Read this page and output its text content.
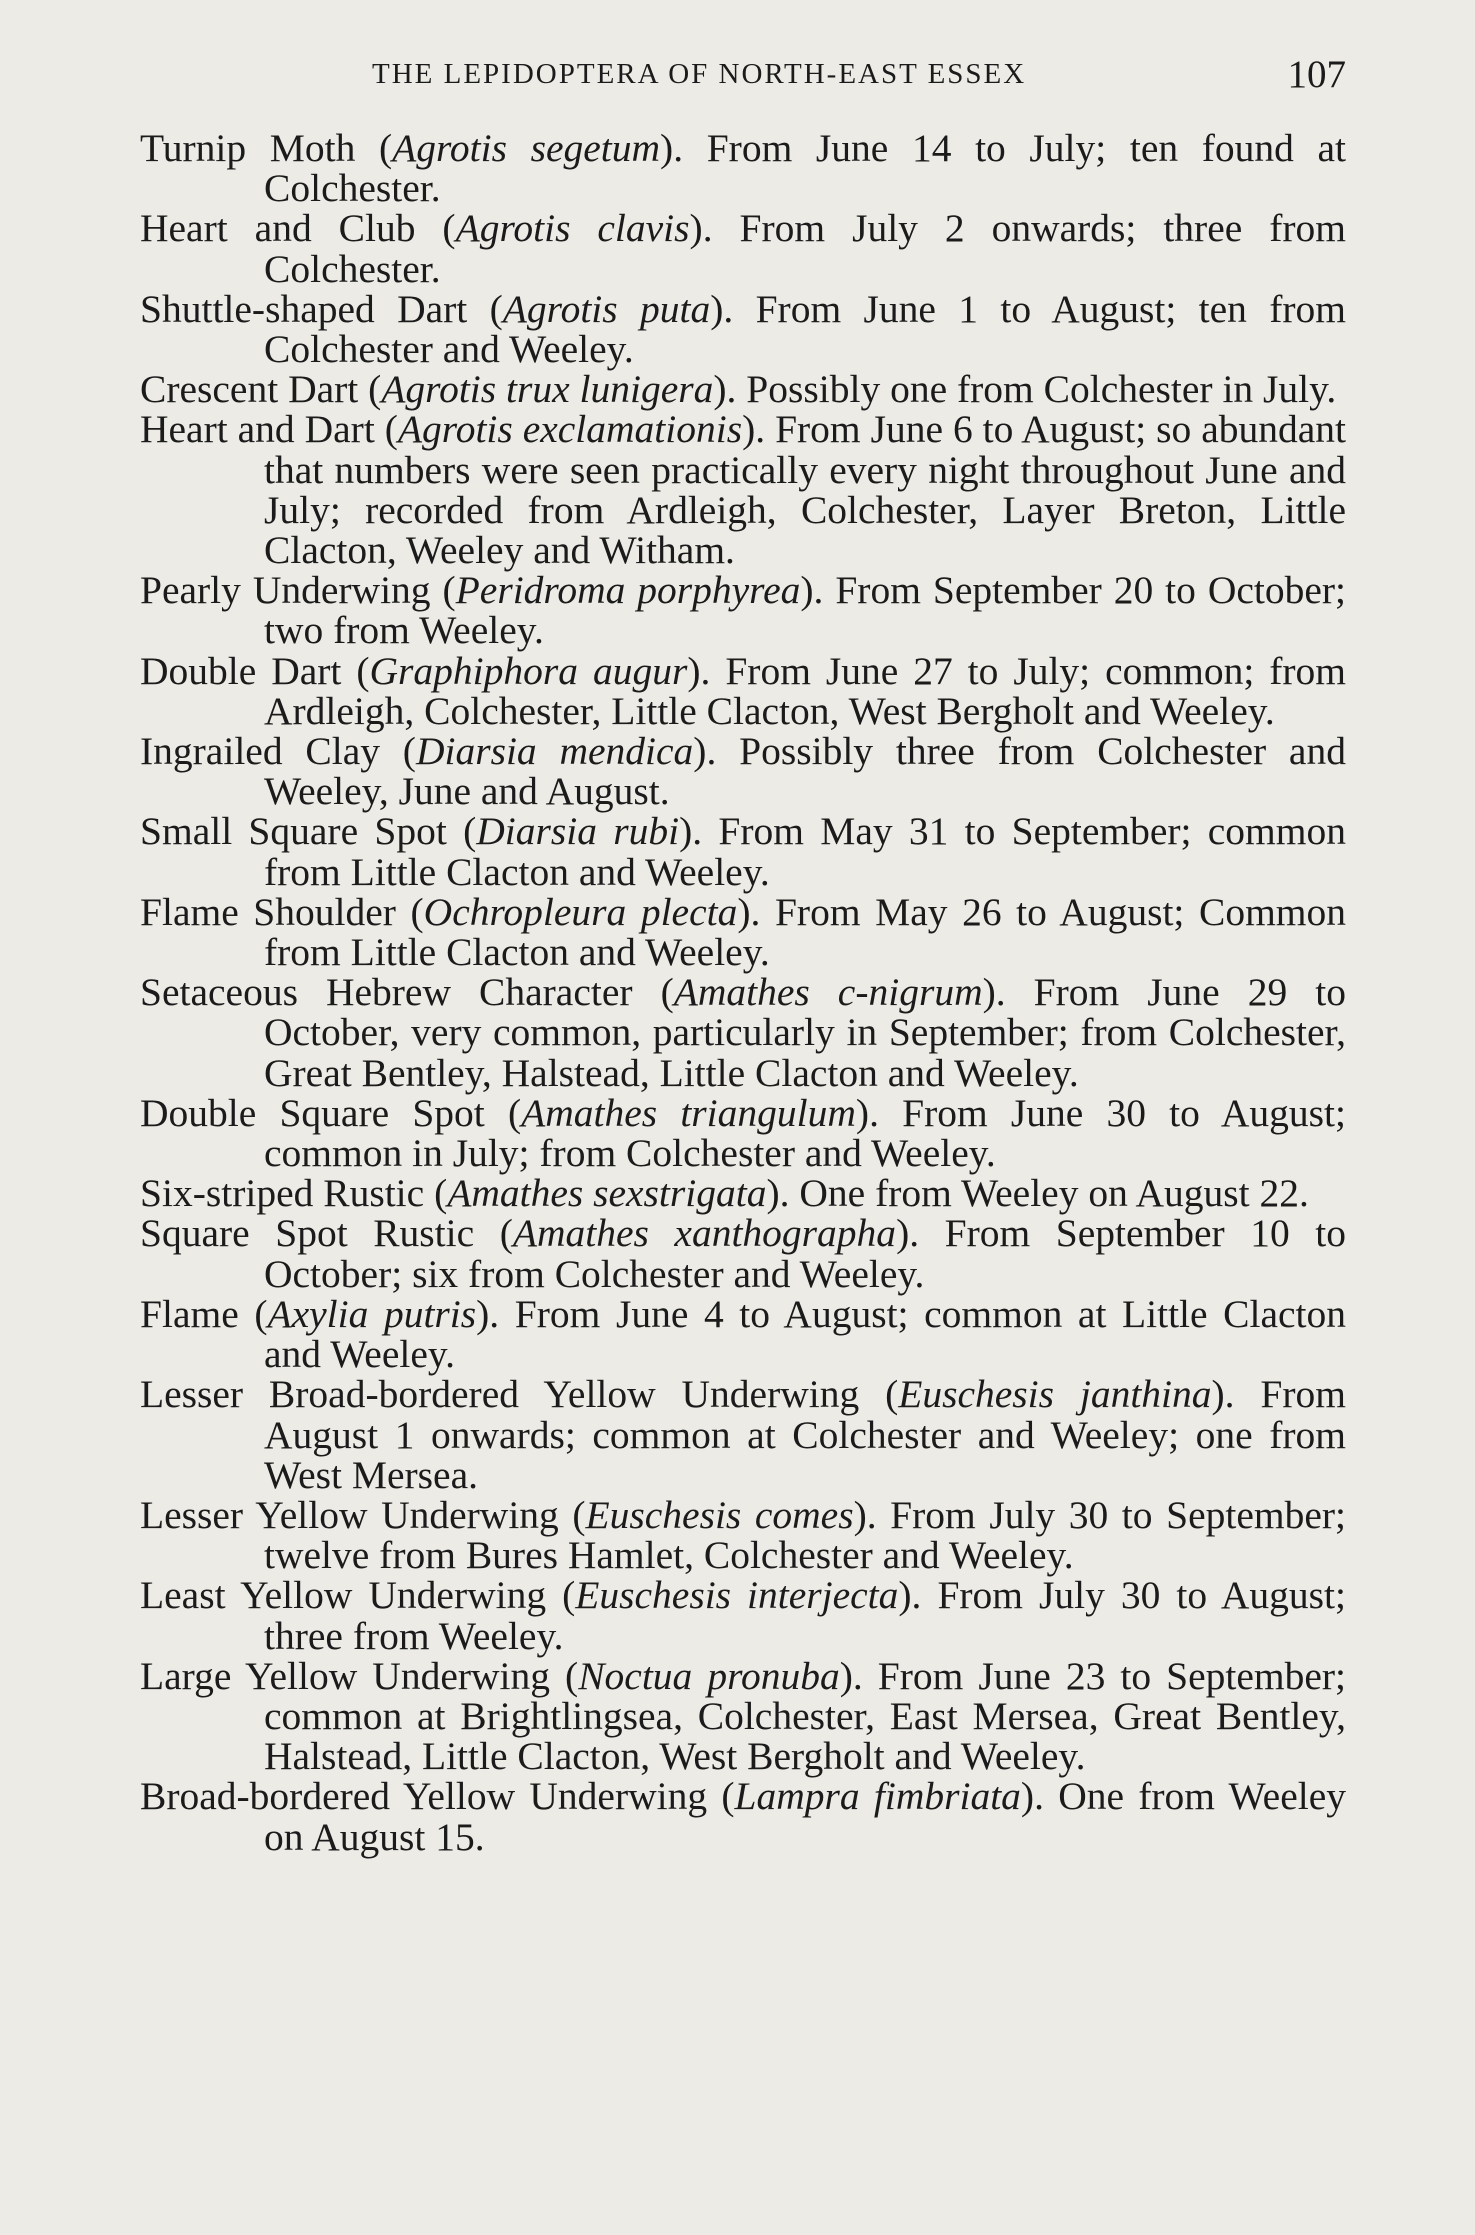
THE LEPIDOPTERA OF NORTH-EAST ESSEX	107

Turnip Moth (Agrotis segetum). From June 14 to July; ten found at Colchester.

Heart and Club (Agrotis clavis). From July 2 onwards; three from Colchester.

Shuttle-shaped Dart (Agrotis puta). From June 1 to August; ten from Colchester and Weeley.

Crescent Dart (Agrotis trux lunigera). Possibly one from Colchester in July.

Heart and Dart (Agrotis exclamationis). From June 6 to August; so abundant that numbers were seen practically every night throughout June and July; recorded from Ardleigh, Colchester, Layer Breton, Little Clacton, Weeley and Witham.

Pearly Underwing (Peridroma porphyrea). From September 20 to October; two from Weeley.

Double Dart (Graphiphora augur). From June 27 to July; common; from Ardleigh, Colchester, Little Clacton, West Bergholt and Weeley.

Ingrailed Clay (Diarsia mendica). Possibly three from Colchester and Weeley, June and August.

Small Square Spot (Diarsia rubi). From May 31 to September; common from Little Clacton and Weeley.

Flame Shoulder (Ochropleura plecta). From May 26 to August; Common from Little Clacton and Weeley.

Setaceous Hebrew Character (Amathes c-nigrum). From June 29 to October, very common, particularly in September; from Colchester, Great Bentley, Halstead, Little Clacton and Weeley.

Double Square Spot (Amathes triangulum). From June 30 to August; common in July; from Colchester and Weeley.

Six-striped Rustic (Amathes sexstrigata). One from Weeley on August 22.

Square Spot Rustic (Amathes xanthographa). From September 10 to October; six from Colchester and Weeley.

Flame (Axylia putris). From June 4 to August; common at Little Clacton and Weeley.

Lesser Broad-bordered Yellow Underwing (Euschesis janthina). From August 1 onwards; common at Colchester and Weeley; one from West Mersea.

Lesser Yellow Underwing (Euschesis comes). From July 30 to September; twelve from Bures Hamlet, Colchester and Weeley.

Least Yellow Underwing (Euschesis interjecta). From July 30 to August; three from Weeley.

Large Yellow Underwing (Noctua pronuba). From June 23 to September; common at Brightlingsea, Colchester, East Mersea, Great Bentley, Halstead, Little Clacton, West Bergholt and Weeley.

Broad-bordered Yellow Underwing (Lampra fimbriata). One from Weeley on August 15.
